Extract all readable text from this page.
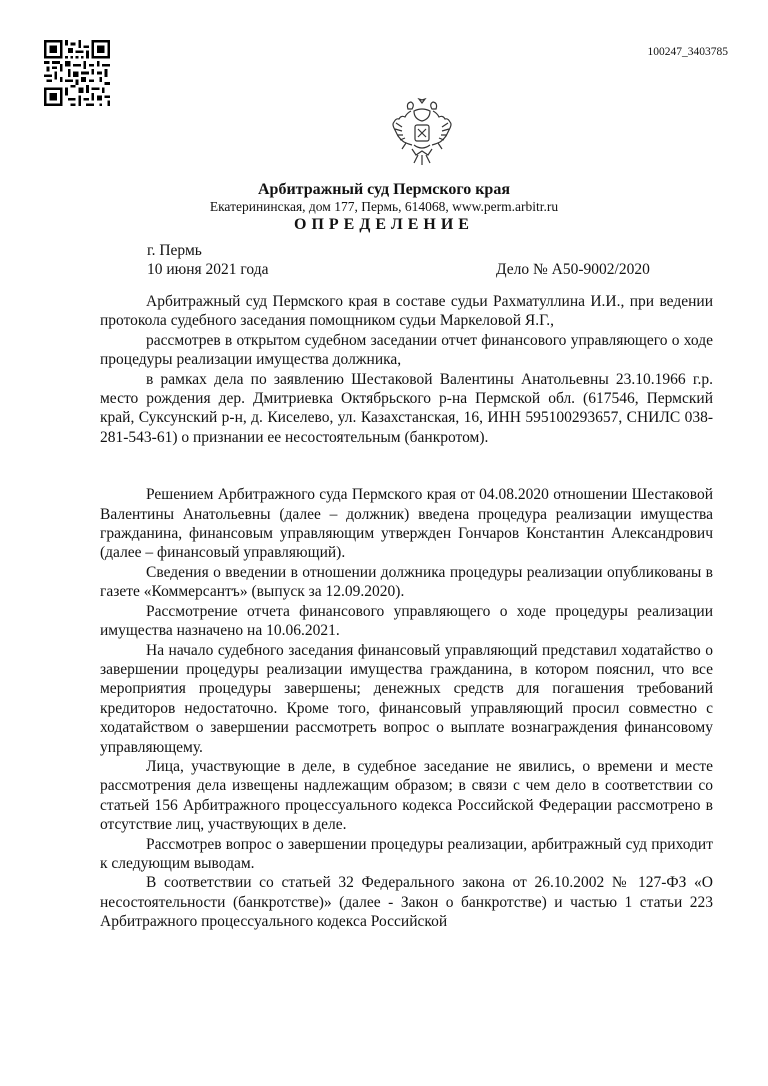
100247_3403785
Арбитражный суд Пермского края
Екатерининская, дом 177, Пермь, 614068, www.perm.arbitr.ru
ОПРЕДЕЛЕНИЕ
г. Пермь
10 июня 2021 года	Дело № А50-9002/2020

Арбитражный суд Пермского края в составе судьи Рахматуллина И.И., при ведении протокола судебного заседания помощником судьи Маркеловой Я.Г.,

рассмотрев в открытом судебном заседании отчет финансового управляющего о ходе процедуры реализации имущества должника,

в рамках дела по заявлению Шестаковой Валентины Анатольевны 23.10.1966 г.р. место рождения дер. Дмитриевка Октябрьского р-на Пермской обл. (617546, Пермский край, Суксунский р-н, д. Киселево, ул. Казахстанская, 16, ИНН 595100293657, СНИЛС 038-281-543-61) о признании ее несостоятельным (банкротом).

Решением Арбитражного суда Пермского края от 04.08.2020 отношении Шестаковой Валентины Анатольевны (далее – должник) введена процедура реализации имущества гражданина, финансовым управляющим утвержден Гончаров Константин Александрович (далее – финансовый управляющий).

Сведения о введении в отношении должника процедуры реализации опубликованы в газете «Коммерсантъ» (выпуск за 12.09.2020).

Рассмотрение отчета финансового управляющего о ходе процедуры реализации имущества назначено на 10.06.2021.

На начало судебного заседания финансовый управляющий представил ходатайство о завершении процедуры реализации имущества гражданина, в котором пояснил, что все мероприятия процедуры завершены; денежных средств для погашения требований кредиторов недостаточно. Кроме того, финансовый управляющий просил совместно с ходатайством о завершении рассмотреть вопрос о выплате вознаграждения финансовому управляющему.

Лица, участвующие в деле, в судебное заседание не явились, о времени и месте рассмотрения дела извещены надлежащим образом; в связи с чем дело в соответствии со статьей 156 Арбитражного процессуального кодекса Российской Федерации рассмотрено в отсутствие лиц, участвующих в деле.

Рассмотрев вопрос о завершении процедуры реализации, арбитражный суд приходит к следующим выводам.

В соответствии со статьей 32 Федерального закона от 26.10.2002 № 127-ФЗ «О несостоятельности (банкротстве)» (далее - Закон о банкротстве) и частью 1 статьи 223 Арбитражного процессуального кодекса Российской
